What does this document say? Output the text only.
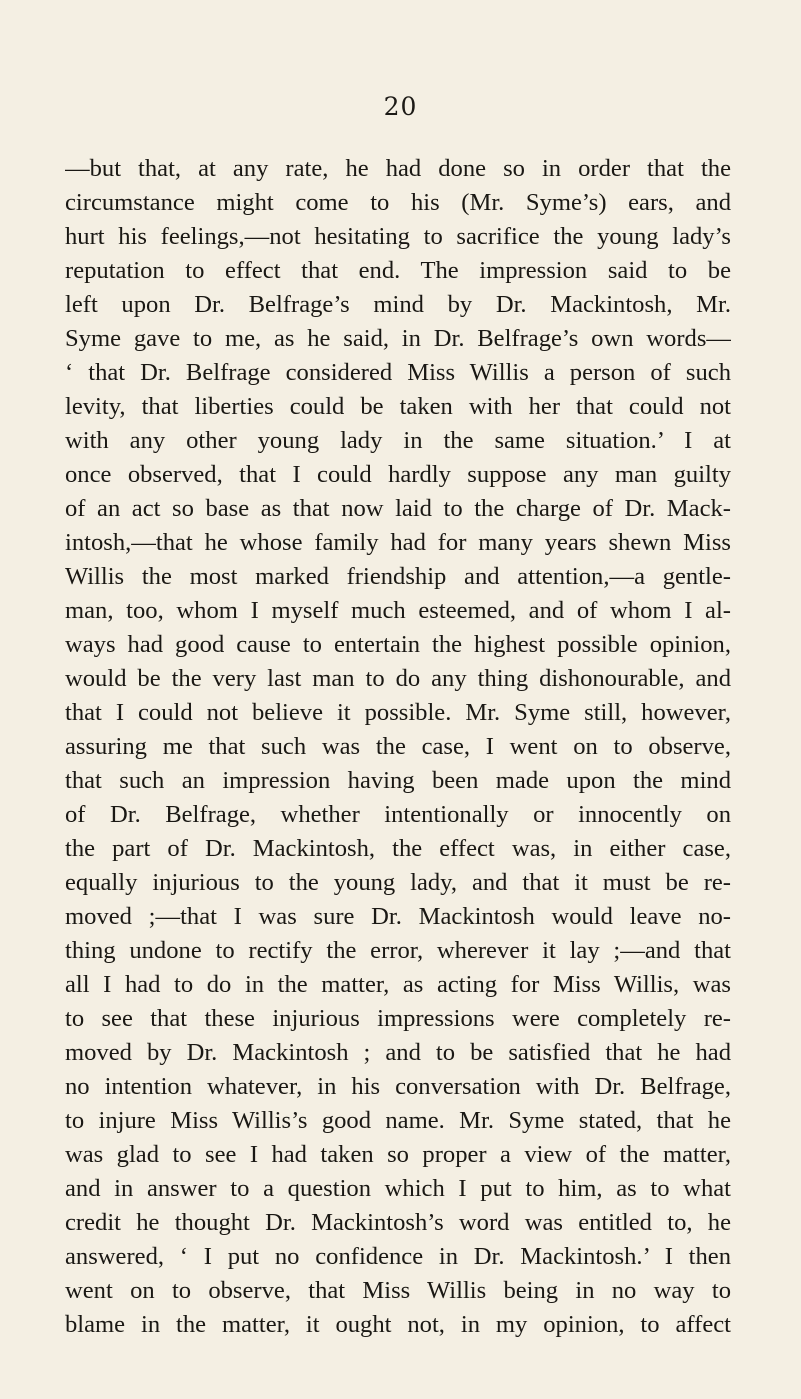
20
—but that, at any rate, he had done so in order that the
circumstance might come to his (Mr. Syme’s) ears, and
hurt his feelings,—not hesitating to sacrifice the young lady’s
reputation to effect that end. The impression said to be
left upon Dr. Belfrage’s mind by Dr. Mackintosh, Mr.
Syme gave to me, as he said, in Dr. Belfrage’s own words—
‘ that Dr. Belfrage considered Miss Willis a person of such
levity, that liberties could be taken with her that could not
with any other young lady in the same situation.’ I at
once observed, that I could hardly suppose any man guilty
of an act so base as that now laid to the charge of Dr. Mack-
intosh,—that he whose family had for many years shewn Miss
Willis the most marked friendship and attention,—a gentle-
man, too, whom I myself much esteemed, and of whom I al-
ways had good cause to entertain the highest possible opinion,
would be the very last man to do any thing dishonourable, and
that I could not believe it possible. Mr. Syme still, however,
assuring me that such was the case, I went on to observe,
that such an impression having been made upon the mind
of Dr. Belfrage, whether intentionally or innocently on
the part of Dr. Mackintosh, the effect was, in either case,
equally injurious to the young lady, and that it must be re-
moved ;—that I was sure Dr. Mackintosh would leave no-
thing undone to rectify the error, wherever it lay ;—and that
all I had to do in the matter, as acting for Miss Willis, was
to see that these injurious impressions were completely re-
moved by Dr. Mackintosh ; and to be satisfied that he had
no intention whatever, in his conversation with Dr. Belfrage,
to injure Miss Willis’s good name. Mr. Syme stated, that he
was glad to see I had taken so proper a view of the matter,
and in answer to a question which I put to him, as to what
credit he thought Dr. Mackintosh’s word was entitled to, he
answered, ‘ I put no confidence in Dr. Mackintosh.’ I then
went on to observe, that Miss Willis being in no way to
blame in the matter, it ought not, in my opinion, to affect
